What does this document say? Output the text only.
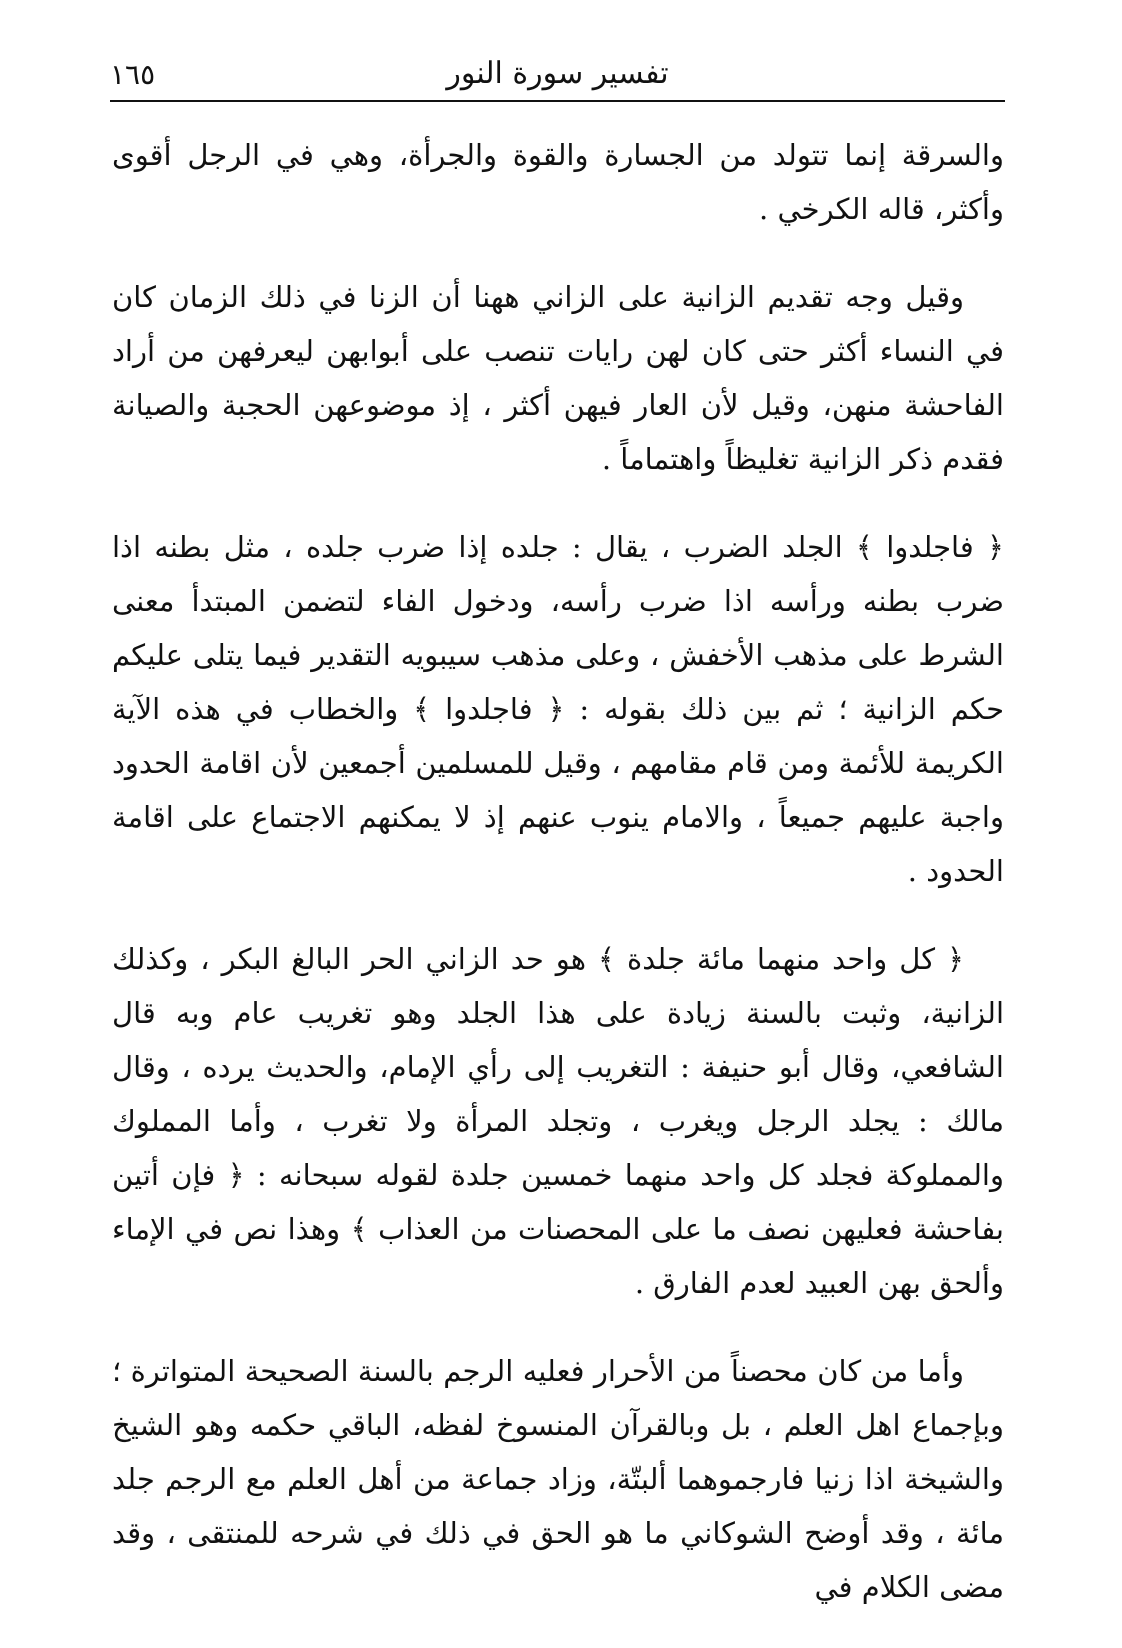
تفسير سورة النور
١٦٥

والسرقة إنما تتولد من الجسارة والقوة والجرأة، وهي في الرجل أقوى وأكثر، قاله الكرخي .

وقيل وجه تقديم الزانية على الزاني ههنا أن الزنا في ذلك الزمان كان في النساء أكثر حتى كان لهن رايات تنصب على أبوابهن ليعرفهن من أراد الفاحشة منهن، وقيل لأن العار فيهن أكثر ، إذ موضوعهن الحجبة والصيانة فقدم ذكر الزانية تغليظاً واهتماماً .

﴿ فاجلدوا ﴾ الجلد الضرب ، يقال : جلده إذا ضرب جلده ، مثل بطنه اذا ضرب بطنه ورأسه اذا ضرب رأسه، ودخول الفاء لتضمن المبتدأ معنى الشرط على مذهب الأخفش ، وعلى مذهب سيبويه التقدير فيما يتلى عليكم حكم الزانية ؛ ثم بين ذلك بقوله : ﴿ فاجلدوا ﴾ والخطاب في هذه الآية الكريمة للأئمة ومن قام مقامهم ، وقيل للمسلمين أجمعين لأن اقامة الحدود واجبة عليهم جميعاً ، والامام ينوب عنهم إذ لا يمكنهم الاجتماع على اقامة الحدود .

﴿ كل واحد منهما مائة جلدة ﴾ هو حد الزاني الحر البالغ البكر ، وكذلك الزانية، وثبت بالسنة زيادة على هذا الجلد وهو تغريب عام وبه قال الشافعي، وقال أبو حنيفة : التغريب إلى رأي الإمام، والحديث يرده ، وقال مالك : يجلد الرجل ويغرب ، وتجلد المرأة ولا تغرب ، وأما المملوك والمملوكة فجلد كل واحد منهما خمسين جلدة لقوله سبحانه : ﴿ فإن أتين بفاحشة فعليهن نصف ما على المحصنات من العذاب ﴾ وهذا نص في الإماء وألحق بهن العبيد لعدم الفارق .

وأما من كان محصناً من الأحرار فعليه الرجم بالسنة الصحيحة المتواترة ؛ وبإجماع اهل العلم ، بل وبالقرآن المنسوخ لفظه، الباقي حكمه وهو الشيخ والشيخة اذا زنيا فارجموهما ألبتّة، وزاد جماعة من أهل العلم مع الرجم جلد مائة ، وقد أوضح الشوكاني ما هو الحق في ذلك في شرحه للمنتقى ، وقد مضى الكلام في
